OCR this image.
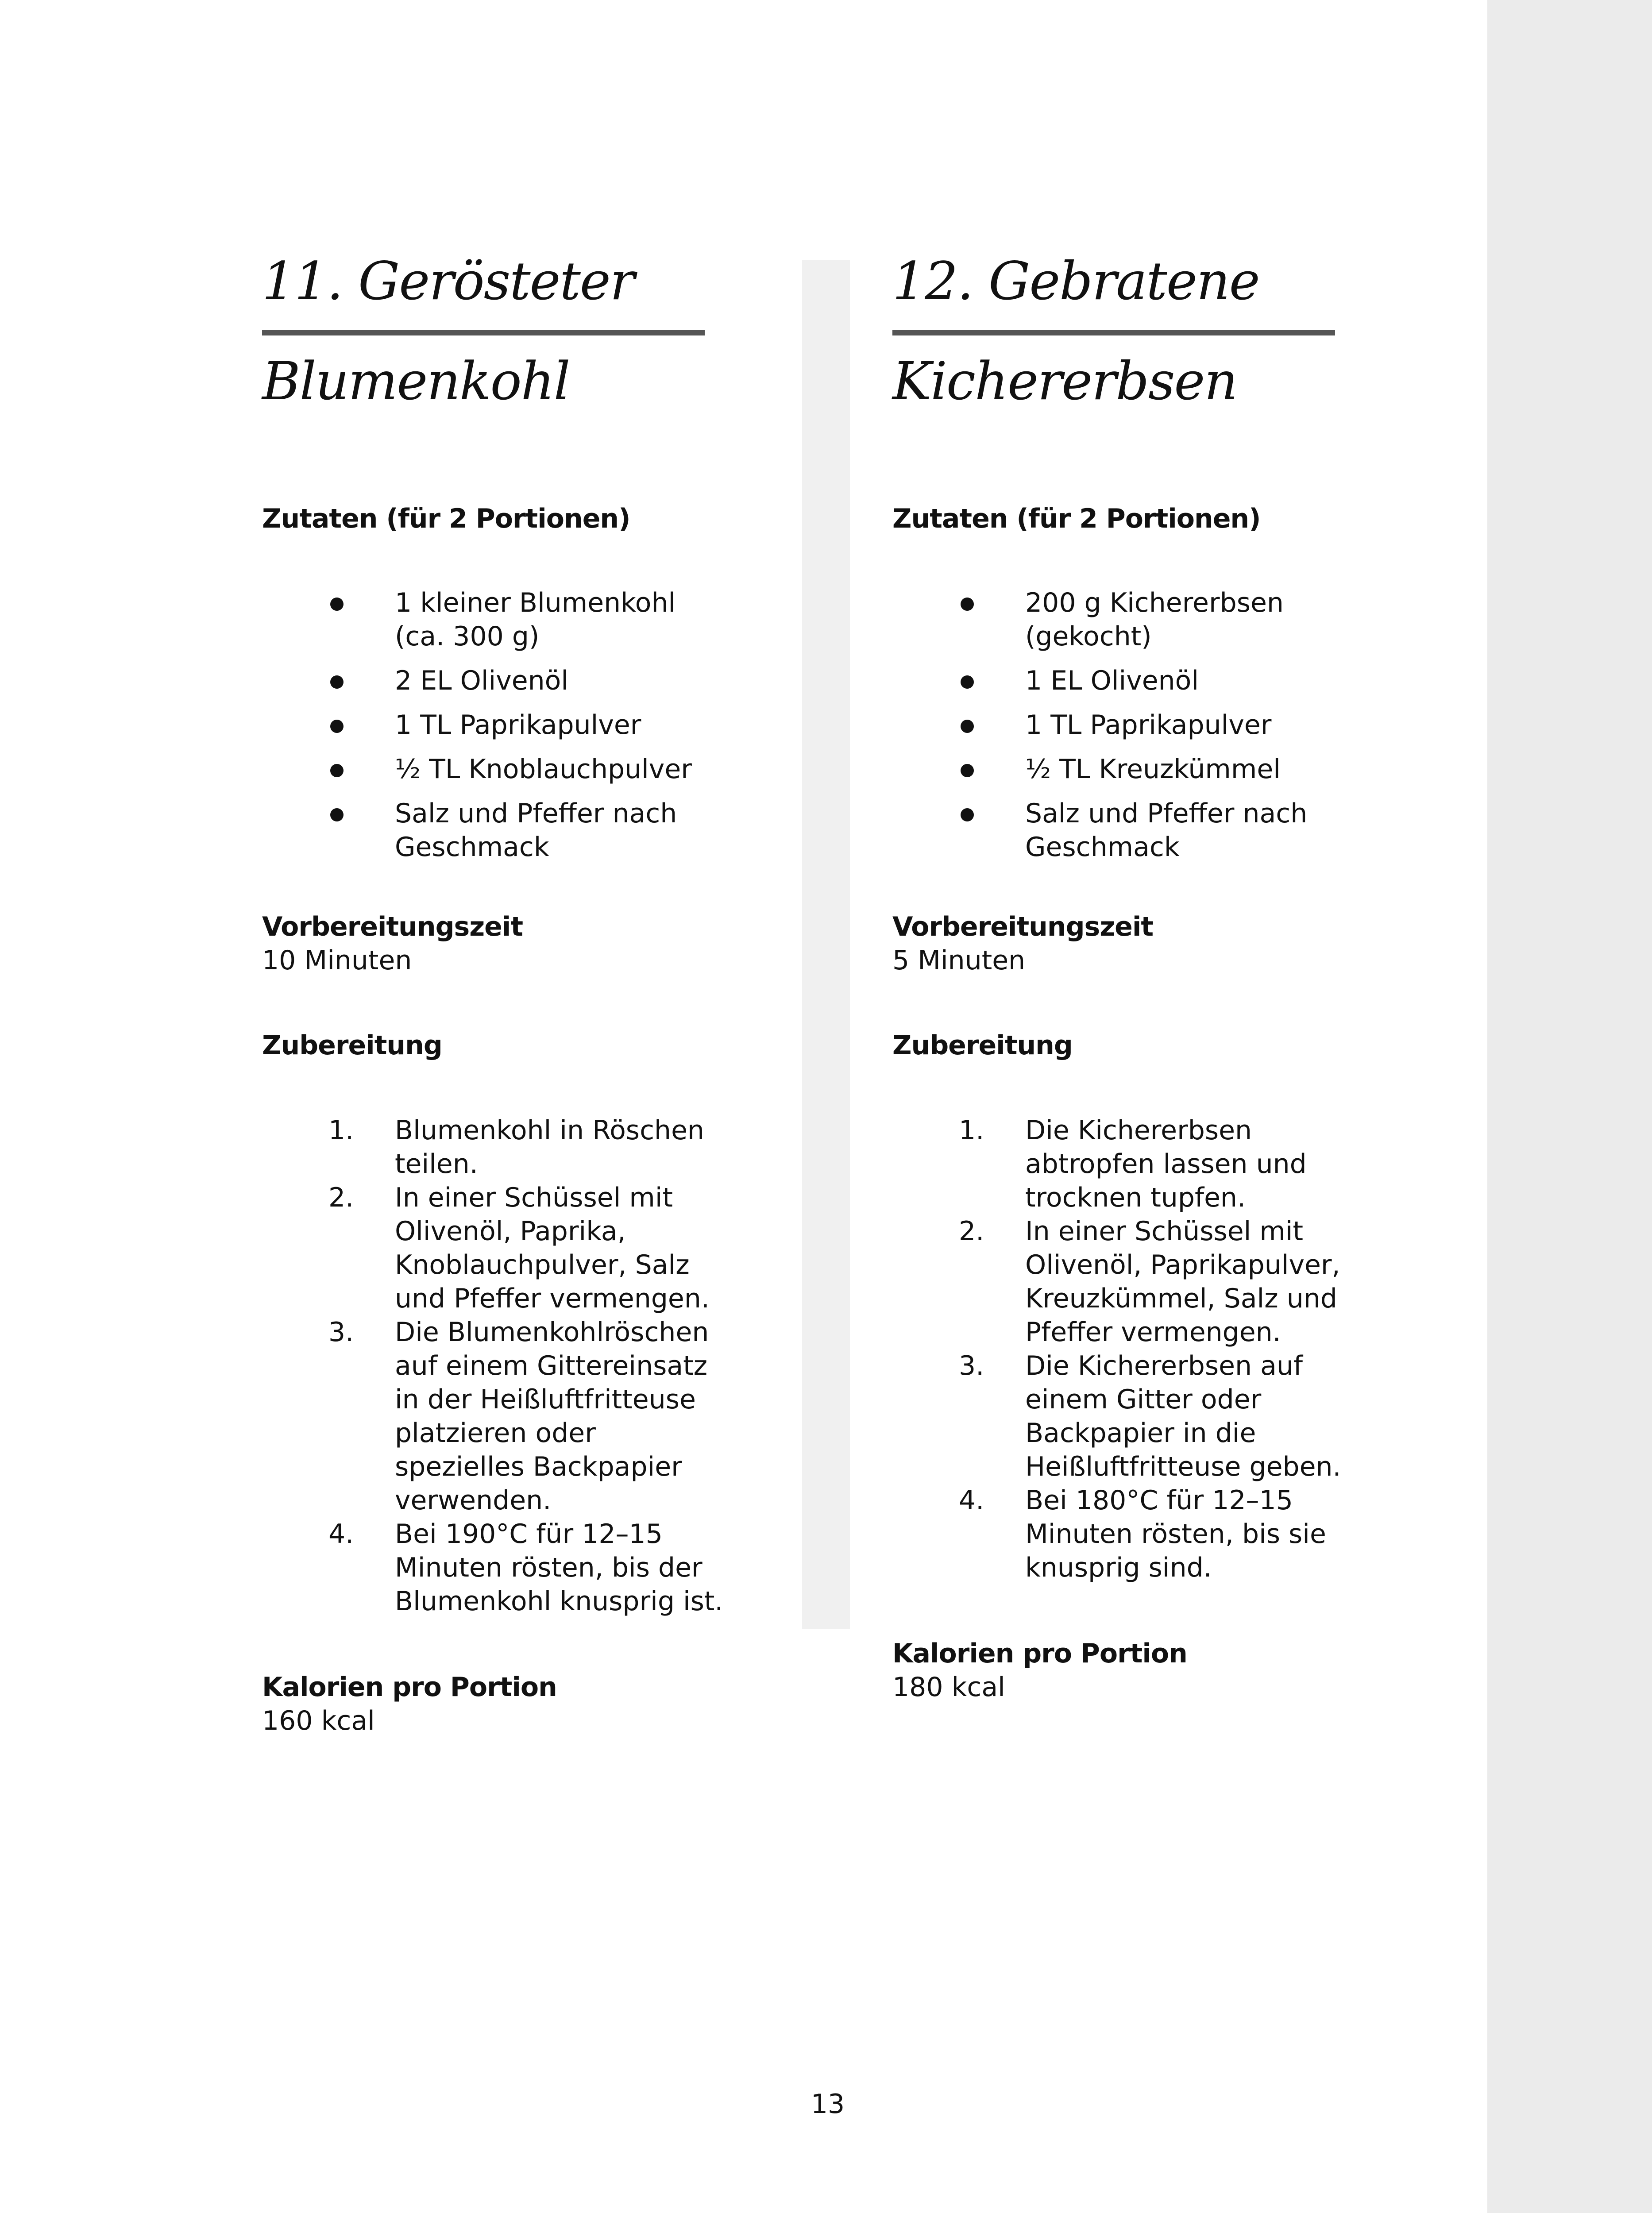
11. Gerösteter
Blumenkohl
Zutaten (für 2 Portionen)
1 kleiner Blumenkohl (ca. 300 g)
2 EL Olivenöl
1 TL Paprikapulver
½ TL Knoblauchpulver
Salz und Pfeffer nach Geschmack
Vorbereitungszeit
10 Minuten
Zubereitung
1.	Blumenkohl in Röschen teilen.
2.	In einer Schüssel mit Olivenöl, Paprika, Knoblauchpulver, Salz und Pfeffer vermengen.
3.	Die Blumenkohlröschen auf einem Gittereinsatz in der Heißluftfritteuse platzieren oder spezielles Backpapier verwenden.
4.	Bei 190°C für 12–15 Minuten rösten, bis der Blumenkohl knusprig ist.
Kalorien pro Portion
160 kcal
12. Gebratene
Kichererbsen
Zutaten (für 2 Portionen)
200 g Kichererbsen (gekocht)
1 EL Olivenöl
1 TL Paprikapulver
½ TL Kreuzkümmel
Salz und Pfeffer nach Geschmack
Vorbereitungszeit
5 Minuten
Zubereitung
1.	Die Kichererbsen abtropfen lassen und trocknen tupfen.
2.	In einer Schüssel mit Olivenöl, Paprikapulver, Kreuzkümmel, Salz und Pfeffer vermengen.
3.	Die Kichererbsen auf einem Gitter oder Backpapier in die Heißluftfritteuse geben.
4.	Bei 180°C für 12–15 Minuten rösten, bis sie knusprig sind.
Kalorien pro Portion
180 kcal
13
